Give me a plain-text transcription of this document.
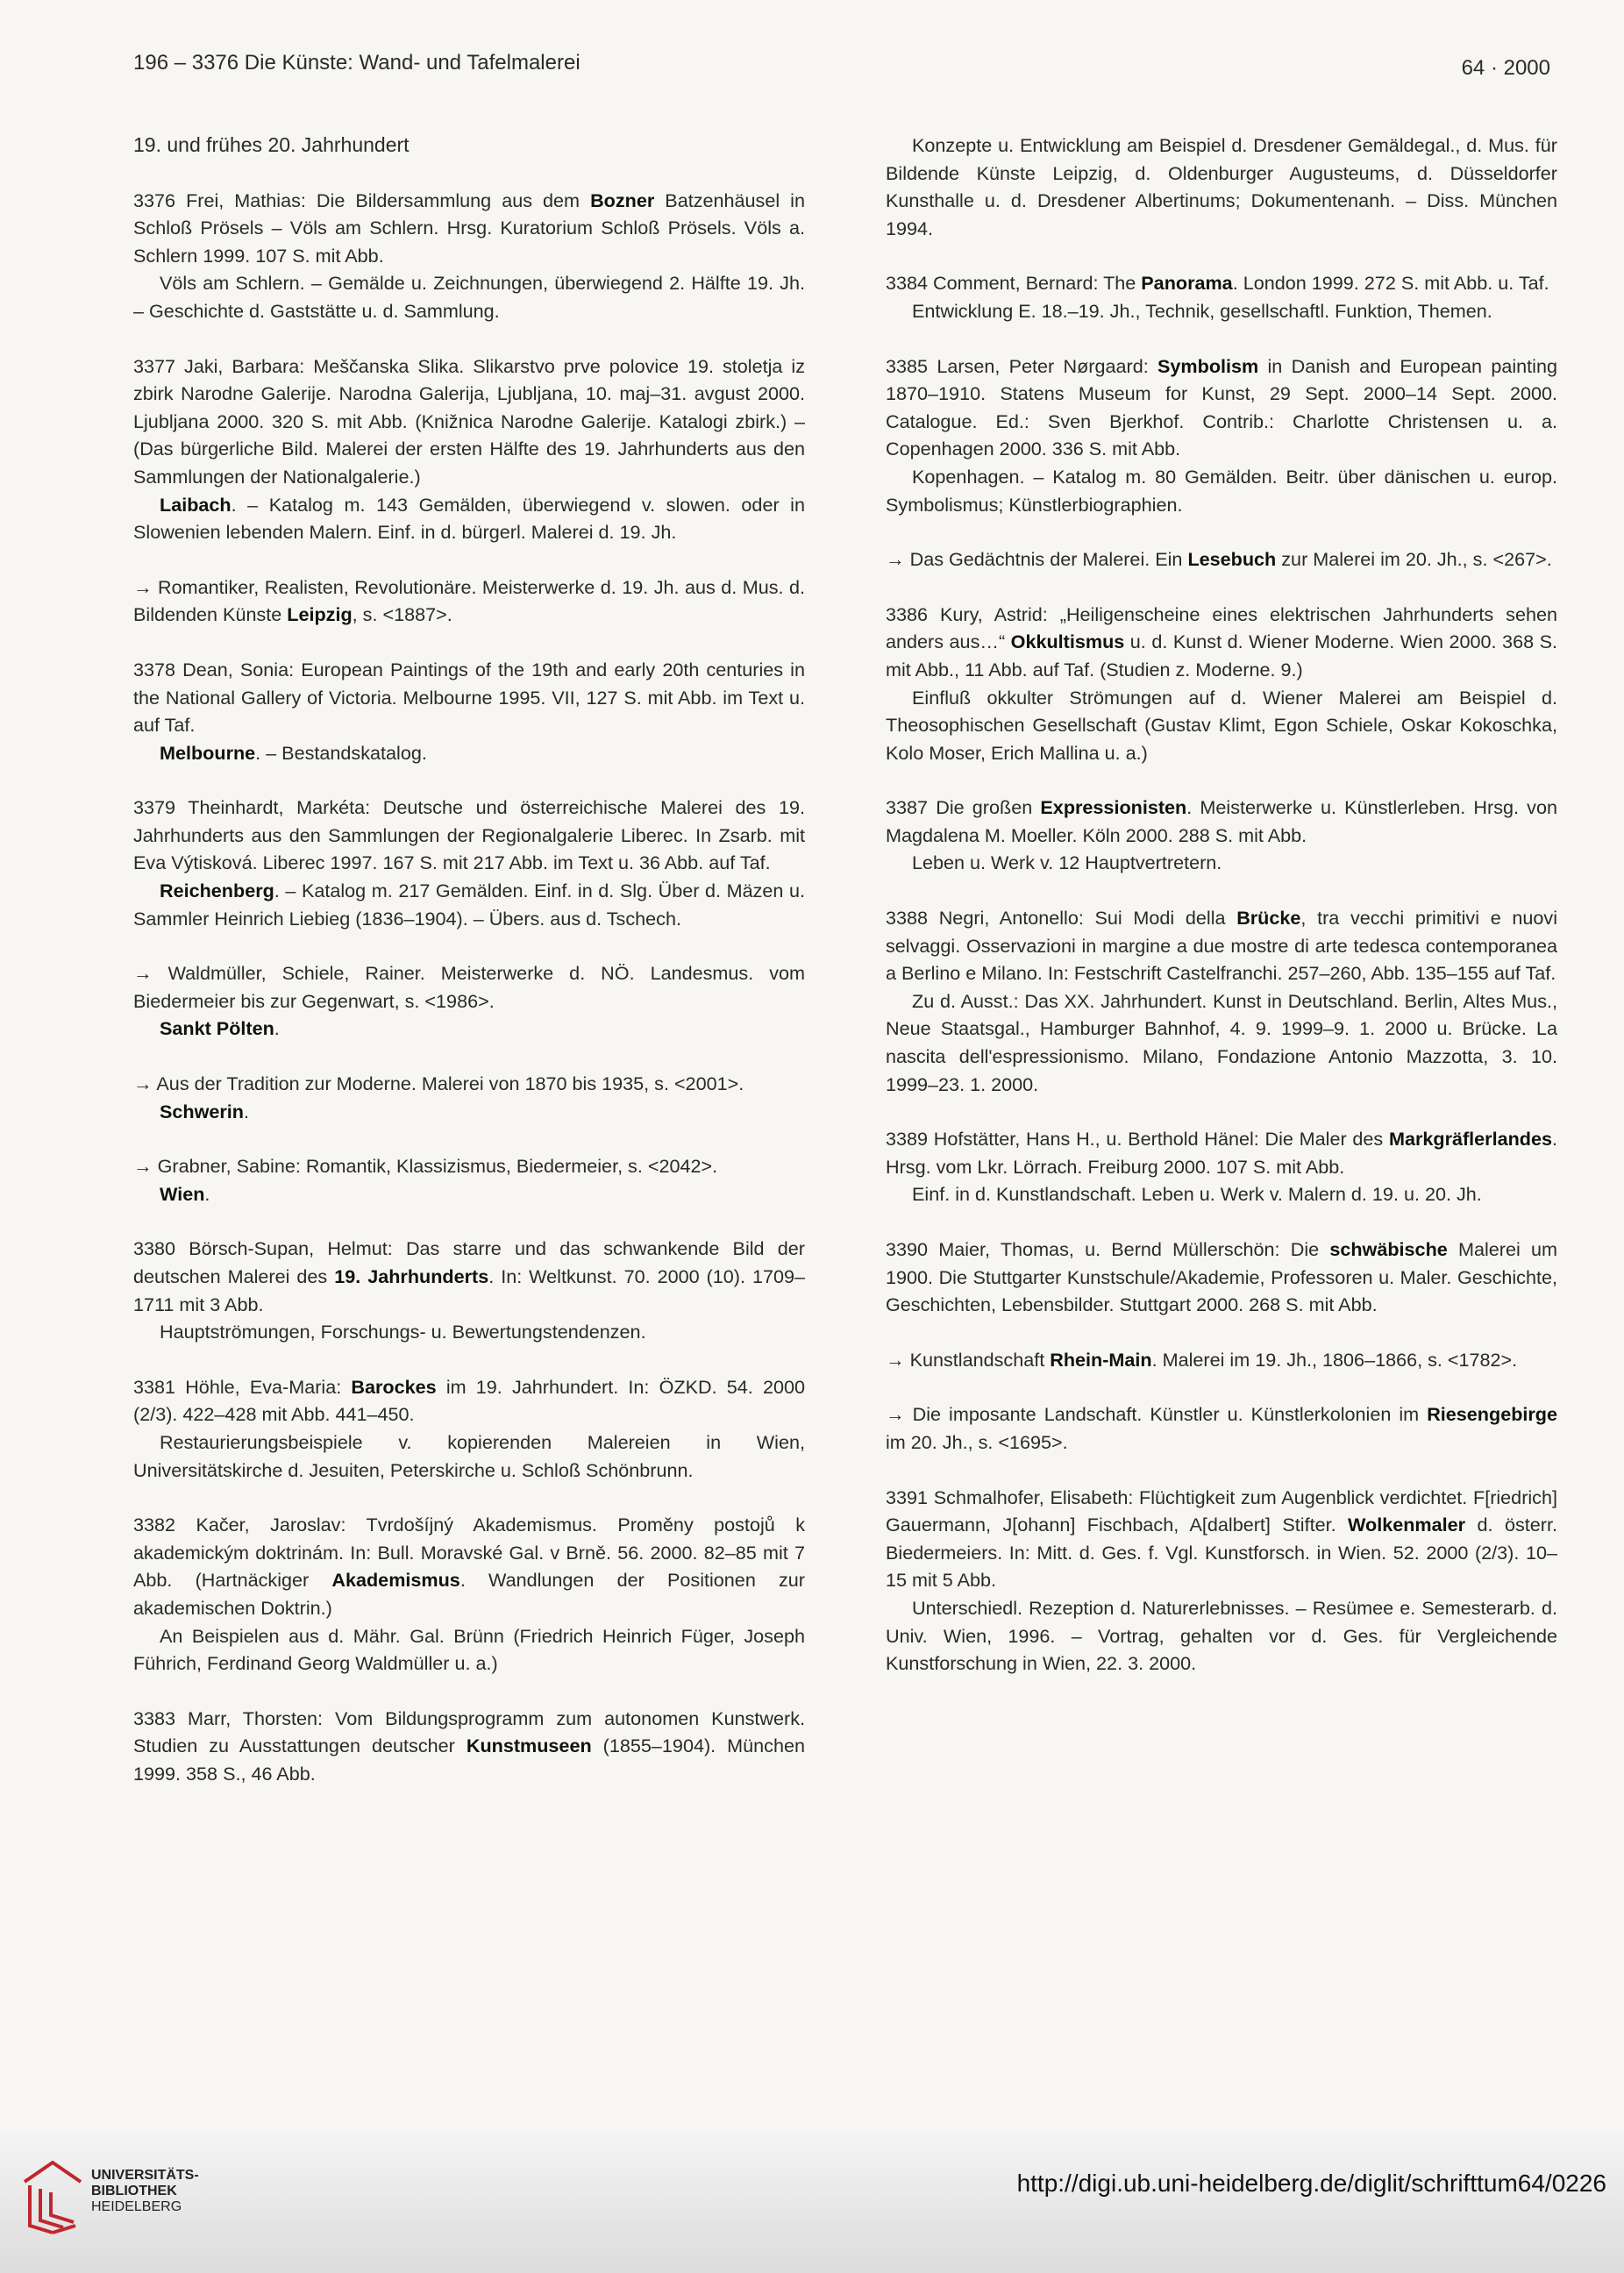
196 – 3376 Die Künste: Wand- und Tafelmalerei	64 · 2000
19. und frühes 20. Jahrhundert

3376 Frei, Mathias: Die Bildersammlung aus dem Bozner Batzenhäusel in Schloß Prösels – Völs am Schlern. Hrsg. Kuratorium Schloß Prösels. Völs a. Schlern 1999. 107 S. mit Abb.

Völs am Schlern. – Gemälde u. Zeichnungen, überwiegend 2. Hälfte 19. Jh. – Geschichte d. Gaststätte u. d. Sammlung.

3377 Jaki, Barbara: Meščanska Slika. Slikarstvo prve polovice 19. stoletja iz zbirk Narodne Galerije. Narodna Galerija, Ljubljana, 10. maj–31. avgust 2000. Ljubljana 2000. 320 S. mit Abb. (Knižnica Narodne Galerije. Katalogi zbirk.) – (Das bürgerliche Bild. Malerei der ersten Hälfte des 19. Jahrhunderts aus den Sammlungen der Nationalgalerie.)

Laibach. – Katalog m. 143 Gemälden, überwiegend v. slowen. oder in Slowenien lebenden Malern. Einf. in d. bürgerl. Malerei d. 19. Jh.

→ Romantiker, Realisten, Revolutionäre. Meisterwerke d. 19. Jh. aus d. Mus. d. Bildenden Künste Leipzig, s. <1887>.

3378 Dean, Sonia: European Paintings of the 19th and early 20th centuries in the National Gallery of Victoria. Melbourne 1995. VII, 127 S. mit Abb. im Text u. auf Taf.

Melbourne. – Bestandskatalog.

3379 Theinhardt, Markéta: Deutsche und österreichische Malerei des 19. Jahrhunderts aus den Sammlungen der Regionalgalerie Liberec. In Zsarb. mit Eva Výtisková. Liberec 1997. 167 S. mit 217 Abb. im Text u. 36 Abb. auf Taf.

Reichenberg. – Katalog m. 217 Gemälden. Einf. in d. Slg. Über d. Mäzen u. Sammler Heinrich Liebieg (1836–1904). – Übers. aus d. Tschech.

→ Waldmüller, Schiele, Rainer. Meisterwerke d. NÖ. Landesmus. vom Biedermeier bis zur Gegenwart, s. <1986>.

Sankt Pölten.

→ Aus der Tradition zur Moderne. Malerei von 1870 bis 1935, s. <2001>.

Schwerin.

→ Grabner, Sabine: Romantik, Klassizismus, Biedermeier, s. <2042>.

Wien.

3380 Börsch-Supan, Helmut: Das starre und das schwankende Bild der deutschen Malerei des 19. Jahrhunderts. In: Weltkunst. 70. 2000 (10). 1709–1711 mit 3 Abb.

Hauptströmungen, Forschungs- u. Bewertungstendenzen.

3381 Höhle, Eva-Maria: Barockes im 19. Jahrhundert. In: ÖZKD. 54. 2000 (2/3). 422–428 mit Abb. 441–450.

Restaurierungsbeispiele v. kopierenden Malereien in Wien, Universitätskirche d. Jesuiten, Peterskirche u. Schloß Schönbrunn.

3382 Kačer, Jaroslav: Tvrdošíjný Akademismus. Proměny postojů k akademickým doktrinám. In: Bull. Moravské Gal. v Brně. 56. 2000. 82–85 mit 7 Abb. (Hartnäckiger Akademismus. Wandlungen der Positionen zur akademischen Doktrin.)

An Beispielen aus d. Mähr. Gal. Brünn (Friedrich Heinrich Füger, Joseph Führich, Ferdinand Georg Waldmüller u. a.)

3383 Marr, Thorsten: Vom Bildungsprogramm zum autonomen Kunstwerk. Studien zu Ausstattungen deutscher Kunstmuseen (1855–1904). München 1999. 358 S., 46 Abb.

Konzepte u. Entwicklung am Beispiel d. Dresdener Gemäldegal., d. Mus. für Bildende Künste Leipzig, d. Oldenburger Augusteums, d. Düsseldorfer Kunsthalle u. d. Dresdener Albertinums; Dokumentenanh. – Diss. München 1994.

3384 Comment, Bernard: The Panorama. London 1999. 272 S. mit Abb. u. Taf.

Entwicklung E. 18.–19. Jh., Technik, gesellschaftl. Funktion, Themen.

3385 Larsen, Peter Nørgaard: Symbolism in Danish and European painting 1870–1910. Statens Museum for Kunst, 29 Sept. 2000–14 Sept. 2000. Catalogue. Ed.: Sven Bjerkhof. Contrib.: Charlotte Christensen u. a. Copenhagen 2000. 336 S. mit Abb.

Kopenhagen. – Katalog m. 80 Gemälden. Beitr. über dänischen u. europ. Symbolismus; Künstlerbiographien.

→ Das Gedächtnis der Malerei. Ein Lesebuch zur Malerei im 20. Jh., s. <267>.

3386 Kury, Astrid: „Heiligenscheine eines elektrischen Jahrhunderts sehen anders aus…“ Okkultismus u. d. Kunst d. Wiener Moderne. Wien 2000. 368 S. mit Abb., 11 Abb. auf Taf. (Studien z. Moderne. 9.)

Einfluß okkulter Strömungen auf d. Wiener Malerei am Beispiel d. Theosophischen Gesellschaft (Gustav Klimt, Egon Schiele, Oskar Kokoschka, Kolo Moser, Erich Mallina u. a.)

3387 Die großen Expressionisten. Meisterwerke u. Künstlerleben. Hrsg. von Magdalena M. Moeller. Köln 2000. 288 S. mit Abb.

Leben u. Werk v. 12 Hauptvertretern.

3388 Negri, Antonello: Sui Modi della Brücke, tra vecchi primitivi e nuovi selvaggi. Osservazioni in margine a due mostre di arte tedesca contemporanea a Berlino e Milano. In: Festschrift Castelfranchi. 257–260, Abb. 135–155 auf Taf.

Zu d. Ausst.: Das XX. Jahrhundert. Kunst in Deutschland. Berlin, Altes Mus., Neue Staatsgal., Hamburger Bahnhof, 4. 9. 1999–9. 1. 2000 u. Brücke. La nascita dell'espressionismo. Milano, Fondazione Antonio Mazzotta, 3. 10. 1999–23. 1. 2000.

3389 Hofstätter, Hans H., u. Berthold Hänel: Die Maler des Markgräflerlandes. Hrsg. vom Lkr. Lörrach. Freiburg 2000. 107 S. mit Abb.

Einf. in d. Kunstlandschaft. Leben u. Werk v. Malern d. 19. u. 20. Jh.

3390 Maier, Thomas, u. Bernd Müllerschön: Die schwäbische Malerei um 1900. Die Stuttgarter Kunstschule/Akademie, Professoren u. Maler. Geschichte, Geschichten, Lebensbilder. Stuttgart 2000. 268 S. mit Abb.

→ Kunstlandschaft Rhein-Main. Malerei im 19. Jh., 1806–1866, s. <1782>.

→ Die imposante Landschaft. Künstler u. Künstlerkolonien im Riesengebirge im 20. Jh., s. <1695>.

3391 Schmalhofer, Elisabeth: Flüchtigkeit zum Augenblick verdichtet. F[riedrich] Gauermann, J[ohann] Fischbach, A[dalbert] Stifter. Wolkenmaler d. österr. Biedermeiers. In: Mitt. d. Ges. f. Vgl. Kunstforsch. in Wien. 52. 2000 (2/3). 10–15 mit 5 Abb.

Unterschiedl. Rezeption d. Naturerlebnisses. – Resümee e. Semesterarb. d. Univ. Wien, 1996. – Vortrag, gehalten vor d. Ges. für Vergleichende Kunstforschung in Wien, 22. 3. 2000.

UNIVERSITÄTS-
BIBLIOTHEK
HEIDELBERG
http://digi.ub.uni-heidelberg.de/diglit/schrifttum64/0226
